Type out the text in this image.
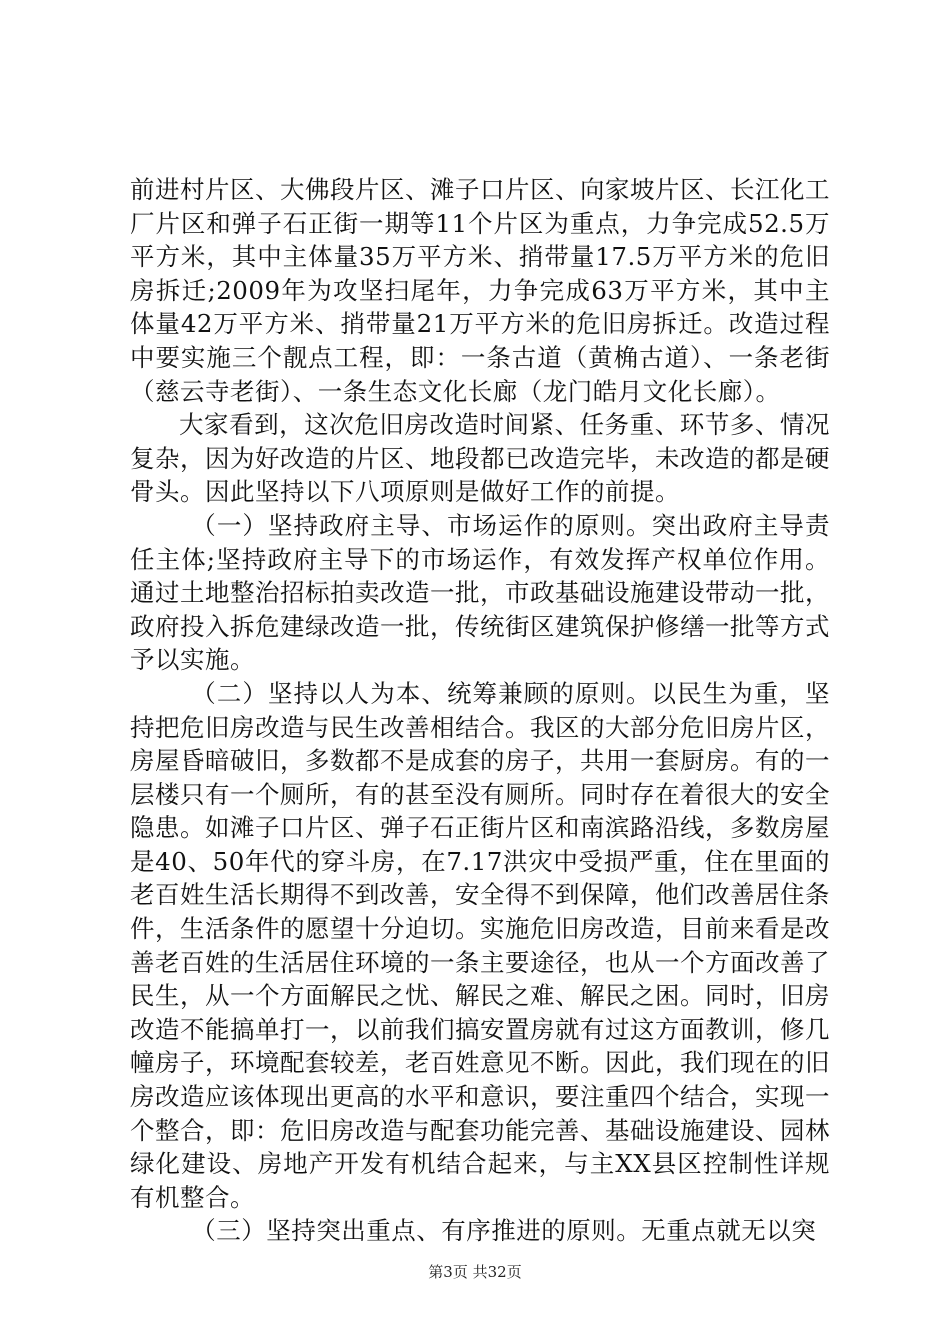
前进村片区、大佛段片区、滩子口片区、向家坡片区、长江化工厂片区和弹子石正街一期等11个片区为重点，力争完成52.5万平方米，其中主体量35万平方米、捎带量17.5万平方米的危旧房拆迁;2009年为攻坚扫尾年，力争完成63万平方米，其中主体量42万平方米、捎带量21万平方米的危旧房拆迁。改造过程中要实施三个靓点工程，即：一条古道（黄桷古道）、一条老街（慈云寺老街）、一条生态文化长廊（龙门皓月文化长廊）。

大家看到，这次危旧房改造时间紧、任务重、环节多、情况复杂，因为好改造的片区、地段都已改造完毕，未改造的都是硬骨头。因此坚持以下八项原则是做好工作的前提。

（一）坚持政府主导、市场运作的原则。突出政府主导责任主体;坚持政府主导下的市场运作，有效发挥产权单位作用。通过土地整治招标拍卖改造一批，市政基础设施建设带动一批，政府投入拆危建绿改造一批，传统街区建筑保护修缮一批等方式予以实施。

（二）坚持以人为本、统筹兼顾的原则。以民生为重，坚持把危旧房改造与民生改善相结合。我区的大部分危旧房片区，房屋昏暗破旧，多数都不是成套的房子，共用一套厨房。有的一层楼只有一个厕所，有的甚至没有厕所。同时存在着很大的安全隐患。如滩子口片区、弹子石正街片区和南滨路沿线，多数房屋是40、50年代的穿斗房，在7.17洪灾中受损严重，住在里面的老百姓生活长期得不到改善，安全得不到保障，他们改善居住条件，生活条件的愿望十分迫切。实施危旧房改造，目前来看是改善老百姓的生活居住环境的一条主要途径，也从一个方面改善了民生，从一个方面解民之忧、解民之难、解民之困。同时，旧房改造不能搞单打一，以前我们搞安置房就有过这方面教训，修几幢房子，环境配套较差，老百姓意见不断。因此，我们现在的旧房改造应该体现出更高的水平和意识，要注重四个结合，实现一个整合，即：危旧房改造与配套功能完善、基础设施建设、园林绿化建设、房地产开发有机结合起来，与主XX县区控制性详规有机整合。

（三）坚持突出重点、有序推进的原则。无重点就无以突

第3页 共32页
